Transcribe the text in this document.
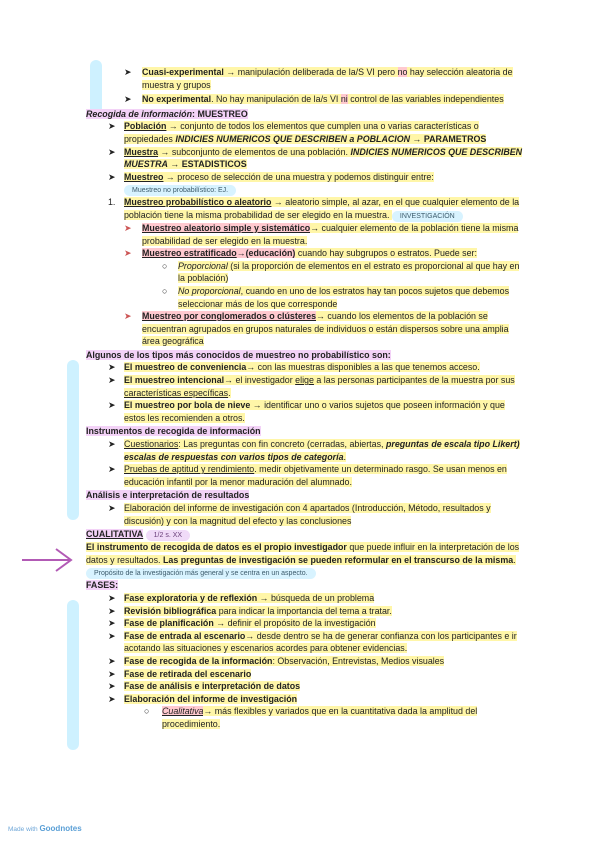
➤ Cuasi-experimental → manipulación deliberada de la/S VI pero no hay selección aleatoria de muestra y grupos
➤ No experimental. No hay manipulación de la/s VI ni control de las variables independientes
Recogida de información: MUESTREO
➤ Población → conjunto de todos los elementos que cumplen una o varias características o propiedades INDICIES NUMERICOS QUE DESCRIBEN a POBLACION → PARAMETROS
➤ Muestra → subconjunto de elementos de una población. INDICIES NUMERICOS QUE DESCRIBEN MUESTRA → ESTADISTICOS
➤ Muestreo → proceso de selección de una muestra y podemos distinguir entre: Muestreo no probabilístico: EJ.
1. Muestreo probabilístico o aleatorio → aleatorio simple, al azar, en el que cualquier elemento de la población tiene la misma probabilidad de ser elegido en la muestra. INVESTIGACIÓN
➤ Muestreo aleatorio simple y sistemático→ cualquier elemento de la población tiene la misma probabilidad de ser elegido en la muestra.
➤ Muestreo estratificado→(educación) cuando hay subgrupos o estratos. Puede ser:
○ Proporcional (si la proporción de elementos en el estrato es proporcional al que hay en la población)
○ No proporcional, cuando en uno de los estratos hay tan pocos sujetos que debemos seleccionar más de los que corresponde
➤ Muestreo por conglomerados o clústeres→ cuando los elementos de la población se encuentran agrupados en grupos naturales de individuos o están dispersos sobre una amplia área geográfica
Algunos de los tipos más conocidos de muestreo no probabilístico son:
➤ El muestreo de conveniencia→ con las muestras disponibles a las que tenemos acceso.
➤ El muestreo intencional→ el investigador elige a las personas participantes de la muestra por sus características específicas.
➤ El muestreo por bola de nieve → identificar uno o varios sujetos que poseen información y que estos les recomienden a otros.
Instrumentos de recogida de información
➤ Cuestionarios: Las preguntas con fin concreto (cerradas, abiertas, preguntas de escala tipo Likert) escalas de respuestas con varios tipos de categoría.
➤ Pruebas de aptitud y rendimiento. medir objetivamente un determinado rasgo. Se usan menos en educación infantil por la menor maduración del alumnado.
Análisis e interpretación de resultados
➤ Elaboración del informe de investigación con 4 apartados (Introducción, Método, resultados y discusión) y con la magnitud del efecto y las conclusiones
CUALITATIVA 1/2 s. XX
El instrumento de recogida de datos es el propio investigador que puede influir en la interpretación de los datos y resultados. Las preguntas de investigación se pueden reformular en el transcurso de la misma. Propósito de la investigación más general y se centra en un aspecto.
FASES:
➤ Fase exploratoria y de reflexión → búsqueda de un problema
➤ Revisión bibliográfica para indicar la importancia del tema a tratar.
➤ Fase de planificación → definir el propósito de la investigación
➤ Fase de entrada al escenario→ desde dentro se ha de generar confianza con los participantes e ir acotando las situaciones y escenarios acordes para obtener evidencias.
➤ Fase de recogida de la información: Observación, Entrevistas, Medios visuales
➤ Fase de retirada del escenario
➤ Fase de análisis e interpretación de datos
➤ Elaboración del informe de investigación
○ Cualitativa→ más flexibles y variados que en la cuantitativa dada la amplitud del procedimiento.
Made with Goodnotes
